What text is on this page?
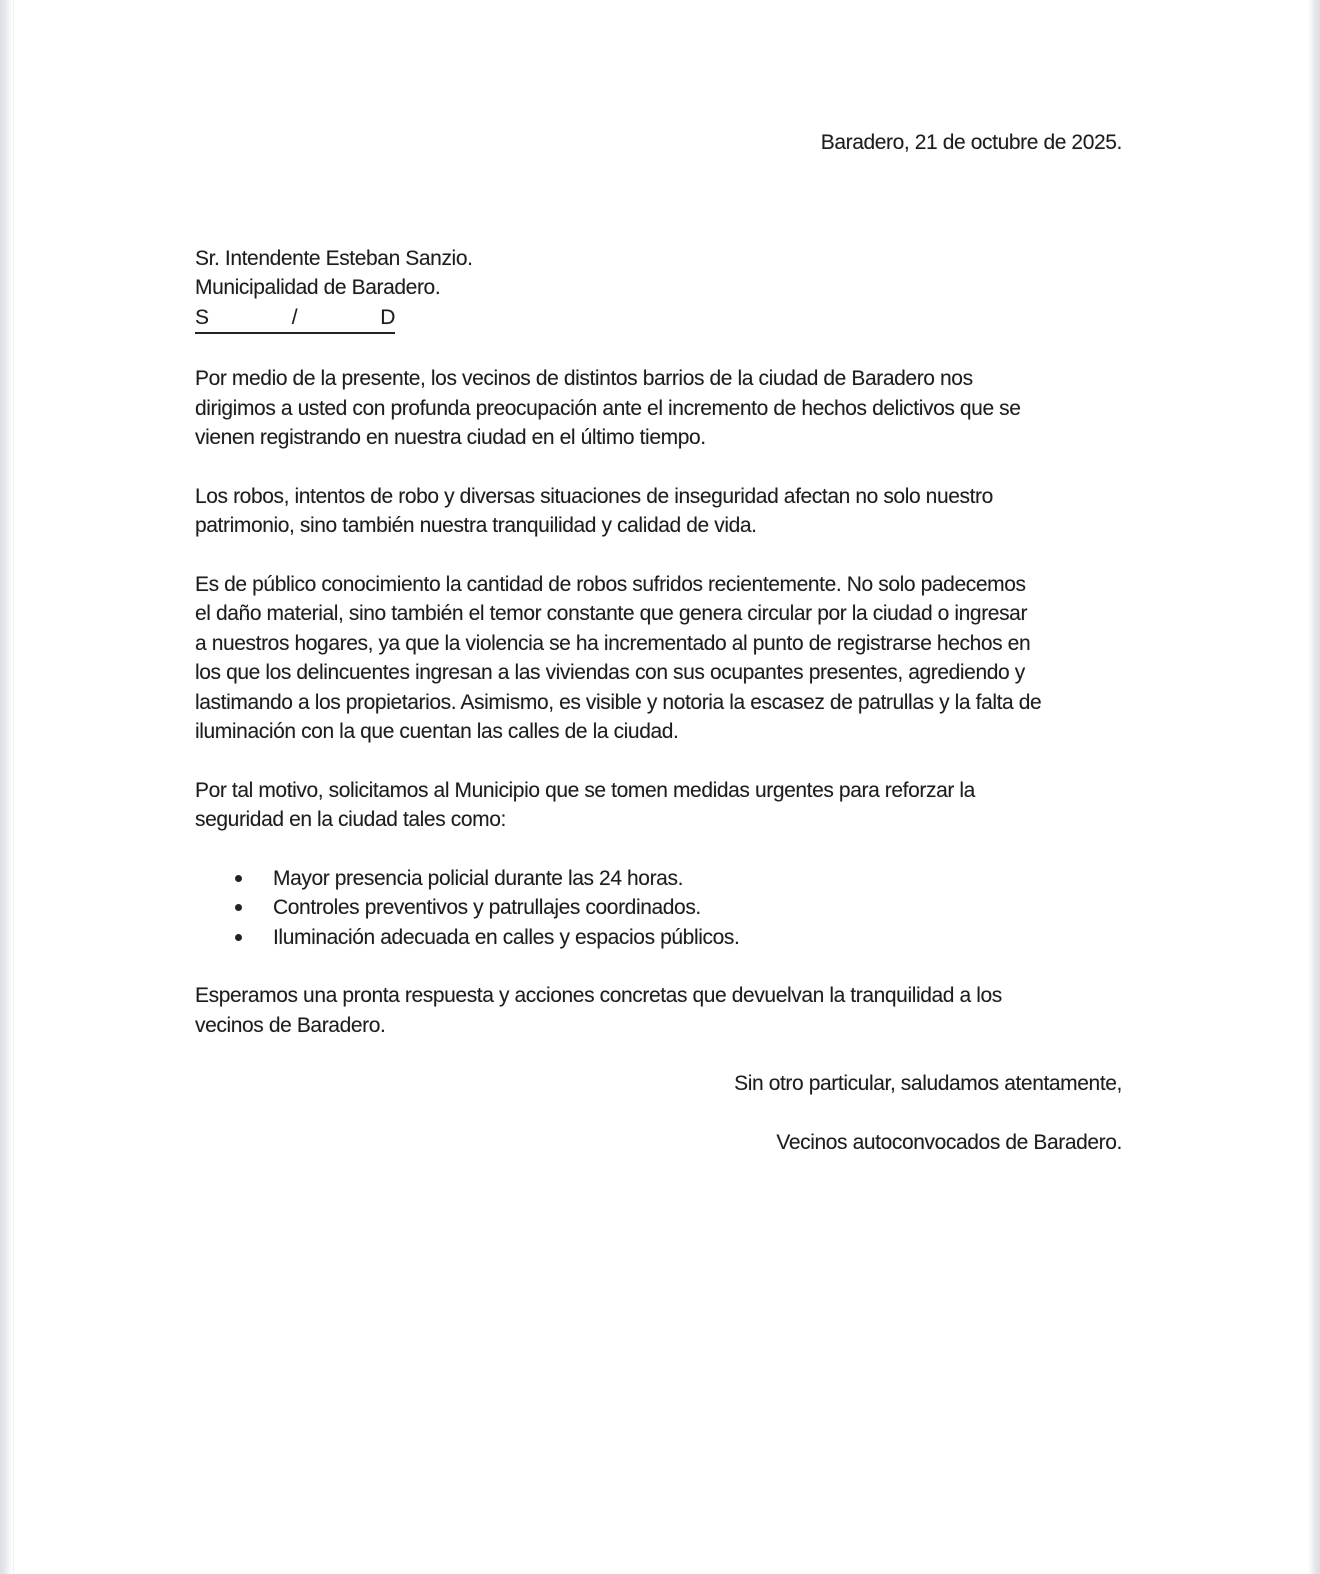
Baradero, 21 de octubre de 2025.

Sr. Intendente Esteban Sanzio.
Municipalidad de Baradero.
S	/	D
Por medio de la presente, los vecinos de distintos barrios de la ciudad de Baradero nos
dirigimos a usted con profunda preocupación ante el incremento de hechos delictivos que se
vienen registrando en nuestra ciudad en el último tiempo.
Los robos, intentos de robo y diversas situaciones de inseguridad afectan no solo nuestro
patrimonio, sino también nuestra tranquilidad y calidad de vida.
Es de público conocimiento la cantidad de robos sufridos recientemente. No solo padecemos
el daño material, sino también el temor constante que genera circular por la ciudad o ingresar
a nuestros hogares, ya que la violencia se ha incrementado al punto de registrarse hechos en
los que los delincuentes ingresan a las viviendas con sus ocupantes presentes, agrediendo y
lastimando a los propietarios. Asimismo, es visible y notoria la escasez de patrullas y la falta de
iluminación con la que cuentan las calles de la ciudad.
Por tal motivo, solicitamos al Municipio que se tomen medidas urgentes para reforzar la
seguridad en la ciudad tales como:
Mayor presencia policial durante las 24 horas.
Controles preventivos y patrullajes coordinados.
Iluminación adecuada en calles y espacios públicos.
Esperamos una pronta respuesta y acciones concretas que devuelvan la tranquilidad a los
vecinos de Baradero.

Sin otro particular, saludamos atentamente,

Vecinos autoconvocados de Baradero.
